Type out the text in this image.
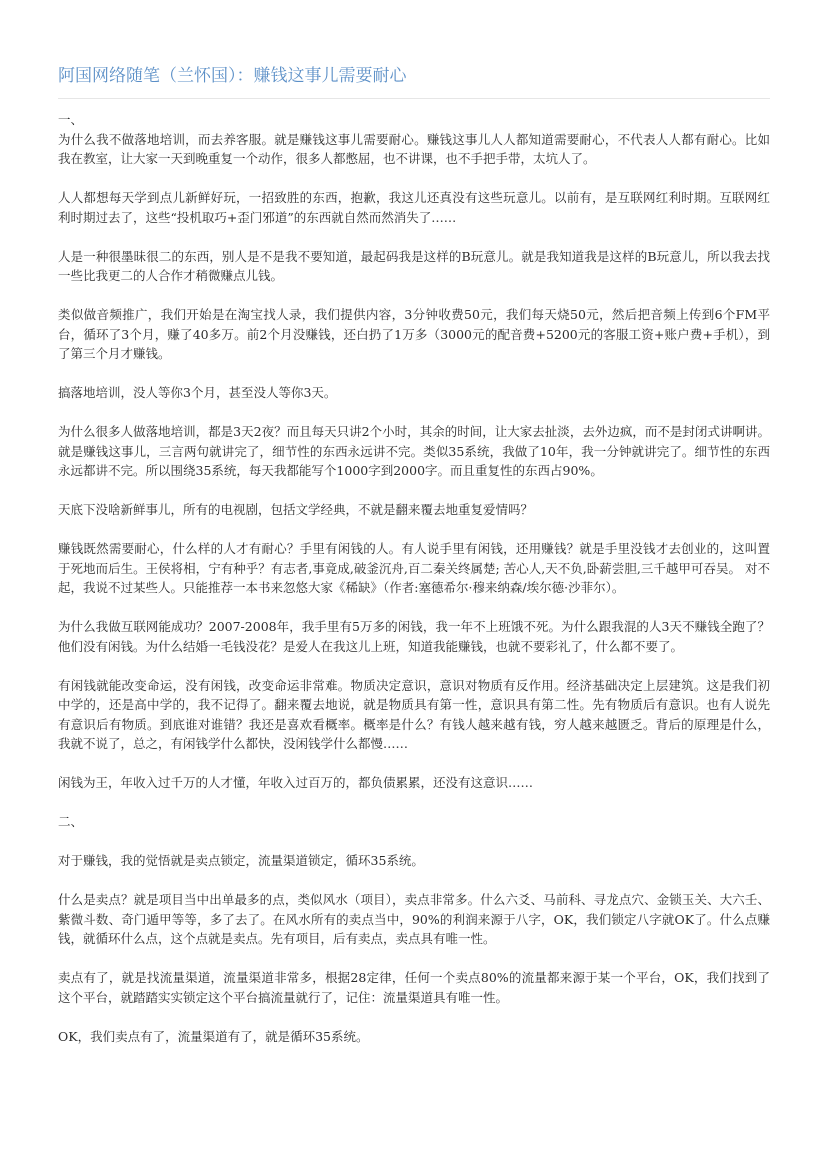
阿国网络随笔（兰怀国）：赚钱这事儿需要耐心

一、

为什么我不做落地培训，而去养客服。就是赚钱这事儿需要耐心。赚钱这事儿人人都知道需要耐心，不代表人人都有耐心。比如我在教室，让大家一天到晚重复一个动作，很多人都憋屈，也不讲课，也不手把手带，太坑人了。

人人都想每天学到点儿新鲜好玩，一招致胜的东西，抱歉，我这儿还真没有这些玩意儿。以前有，是互联网红利时期。互联网红利时期过去了，这些“投机取巧+歪门邪道”的东西就自然而然消失了……

人是一种很墨昧很二的东西，别人是不是我不要知道，最起码我是这样的B玩意儿。就是我知道我是这样的B玩意儿，所以我去找一些比我更二的人合作才稍微赚点儿钱。

类似做音频推广，我们开始是在淘宝找人录，我们提供内容，3分钟收费50元，我们每天烧50元，然后把音频上传到6个FM平台，循环了3个月，赚了40多万。前2个月没赚钱，还白扔了1万多（3000元的配音费+5200元的客服工资+账户费+手机），到了第三个月才赚钱。

搞落地培训，没人等你3个月，甚至没人等你3天。

为什么很多人做落地培训，都是3天2夜？而且每天只讲2个小时，其余的时间，让大家去扯淡，去外边疯，而不是封闭式讲啊讲。就是赚钱这事儿，三言两句就讲完了，细节性的东西永远讲不完。类似35系统，我做了10年，我一分钟就讲完了。细节性的东西永远都讲不完。所以围绕35系统，每天我都能写个1000字到2000字。而且重复性的东西占90%。

天底下没啥新鲜事儿，所有的电视剧，包括文学经典，不就是翻来覆去地重复爱情吗？

赚钱既然需要耐心，什么样的人才有耐心？手里有闲钱的人。有人说手里有闲钱，还用赚钱？就是手里没钱才去创业的，这叫置于死地而后生。王侯将相，宁有种乎？有志者,事竟成,破釜沉舟,百二秦关终属楚; 苦心人,天不负,卧薪尝胆,三千越甲可吞吴。 对不起，我说不过某些人。只能推荐一本书来忽悠大家《稀缺》（作者:塞德希尔·穆来纳森/埃尔德·沙菲尔）。

为什么我做互联网能成功？2007-2008年，我手里有5万多的闲钱，我一年不上班饿不死。为什么跟我混的人3天不赚钱全跑了？他们没有闲钱。为什么结婚一毛钱没花？是爱人在我这儿上班，知道我能赚钱，也就不要彩礼了，什么都不要了。

有闲钱就能改变命运，没有闲钱，改变命运非常难。物质决定意识，意识对物质有反作用。经济基础决定上层建筑。这是我们初中学的，还是高中学的，我不记得了。翻来覆去地说，就是物质具有第一性，意识具有第二性。先有物质后有意识。也有人说先有意识后有物质。到底谁对谁错？我还是喜欢看概率。概率是什么？有钱人越来越有钱，穷人越来越匮乏。背后的原理是什么，我就不说了，总之，有闲钱学什么都快，没闲钱学什么都慢……

闲钱为王，年收入过千万的人才懂，年收入过百万的，都负债累累，还没有这意识……

二、

对于赚钱，我的觉悟就是卖点锁定，流量渠道锁定，循环35系统。

什么是卖点？就是项目当中出单最多的点，类似风水（项目），卖点非常多。什么六爻、马前科、寻龙点穴、金锁玉关、大六壬、紫微斗数、奇门遁甲等等，多了去了。在风水所有的卖点当中，90%的利润来源于八字，OK，我们锁定八字就OK了。什么点赚钱，就循环什么点，这个点就是卖点。先有项目，后有卖点，卖点具有唯一性。

卖点有了，就是找流量渠道，流量渠道非常多，根据28定律，任何一个卖点80%的流量都来源于某一个平台，OK，我们找到了这个平台，就踏踏实实锁定这个平台搞流量就行了，记住：流量渠道具有唯一性。

OK，我们卖点有了，流量渠道有了，就是循环35系统。
